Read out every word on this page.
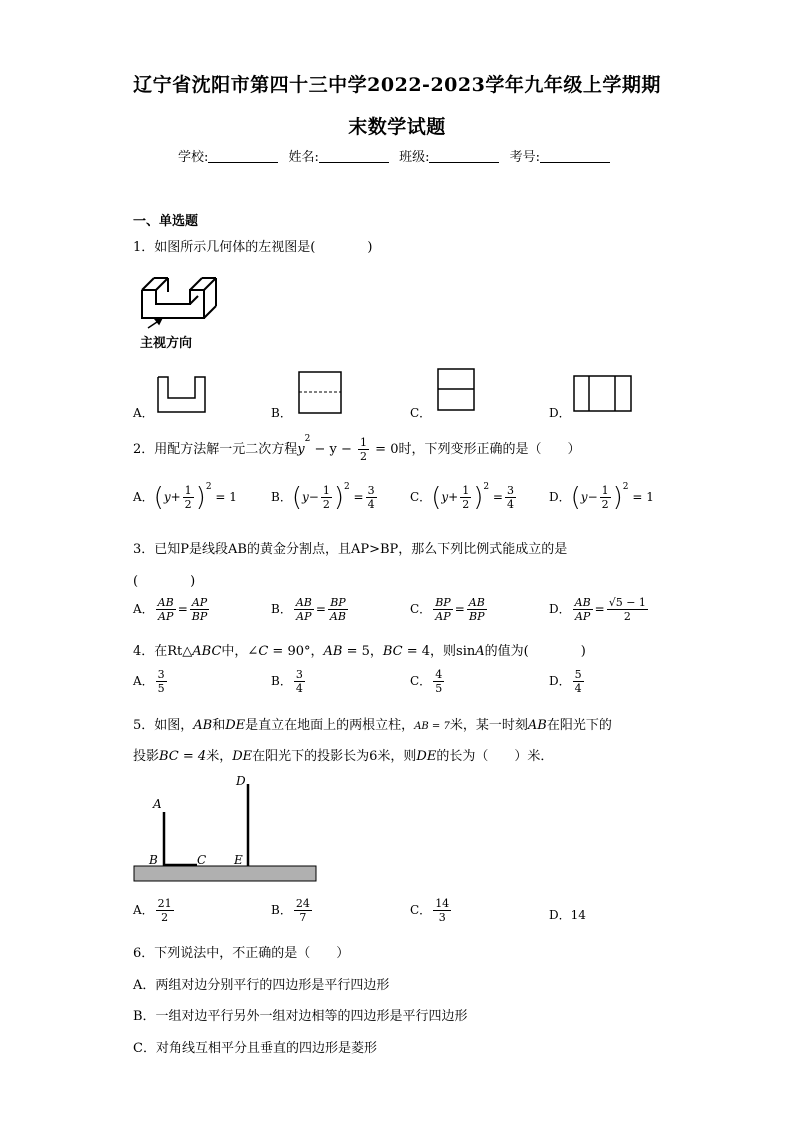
辽宁省沈阳市第四十三中学2022-2023学年九年级上学期期
末数学试题
学校:	姓名:	班级:	考号:
一、单选题
1．如图所示几何体的左视图是(　　　　)
主视方向
A．	B．	C．	D．
2．用配方法解一元二次方程$y^2 - y - \frac{1}{2} = 0$时，下列变形正确的是（　　）
A．$(y+ \frac{1}{2} )^2 = 1$	B．$(y- \frac{1}{2} )^2 = \frac{3}{4}$	C．$(y+ \frac{1}{2} )^2 = \frac{3}{4}$	D．$(y- \frac{1}{2} )^2 = 1$
3．已知P是线段AB的黄金分割点，且AP>BP，那么下列比例式能成立的是
(　　　　)
A． $\frac{AB}{AP} = \frac{AP}{BP}$	B． $\frac{AB}{AP} = \frac{BP}{AB}$	C． $\frac{BP}{AP} = \frac{AB}{BP}$	D． $\frac{AB}{AP} = \frac{√5 - 1}{2}$
4．在Rt△ABC中，∠C = 90°，AB = 5，BC = 4，则sinA的值为(　　　　)
A． $\frac{3}{5}$	B． $\frac{3}{4}$	C． $\frac{4}{5}$	D． $\frac{5}{4}$
5．如图，AB和DE是直立在地面上的两根立柱，AB = 7米，某一时刻AB在阳光下的
投影BC = 4米，DE在阳光下的投影长为6米，则DE的长为（　　）米．
A
B	C
D
E
A． $\frac{21}{2}$	B． $\frac{24}{7}$	C． $\frac{14}{3}$	D．14
6．下列说法中，不正确的是（　　）
A．两组对边分别平行的四边形是平行四边形
B．一组对边平行另外一组对边相等的四边形是平行四边形
C．对角线互相平分且垂直的四边形是菱形
